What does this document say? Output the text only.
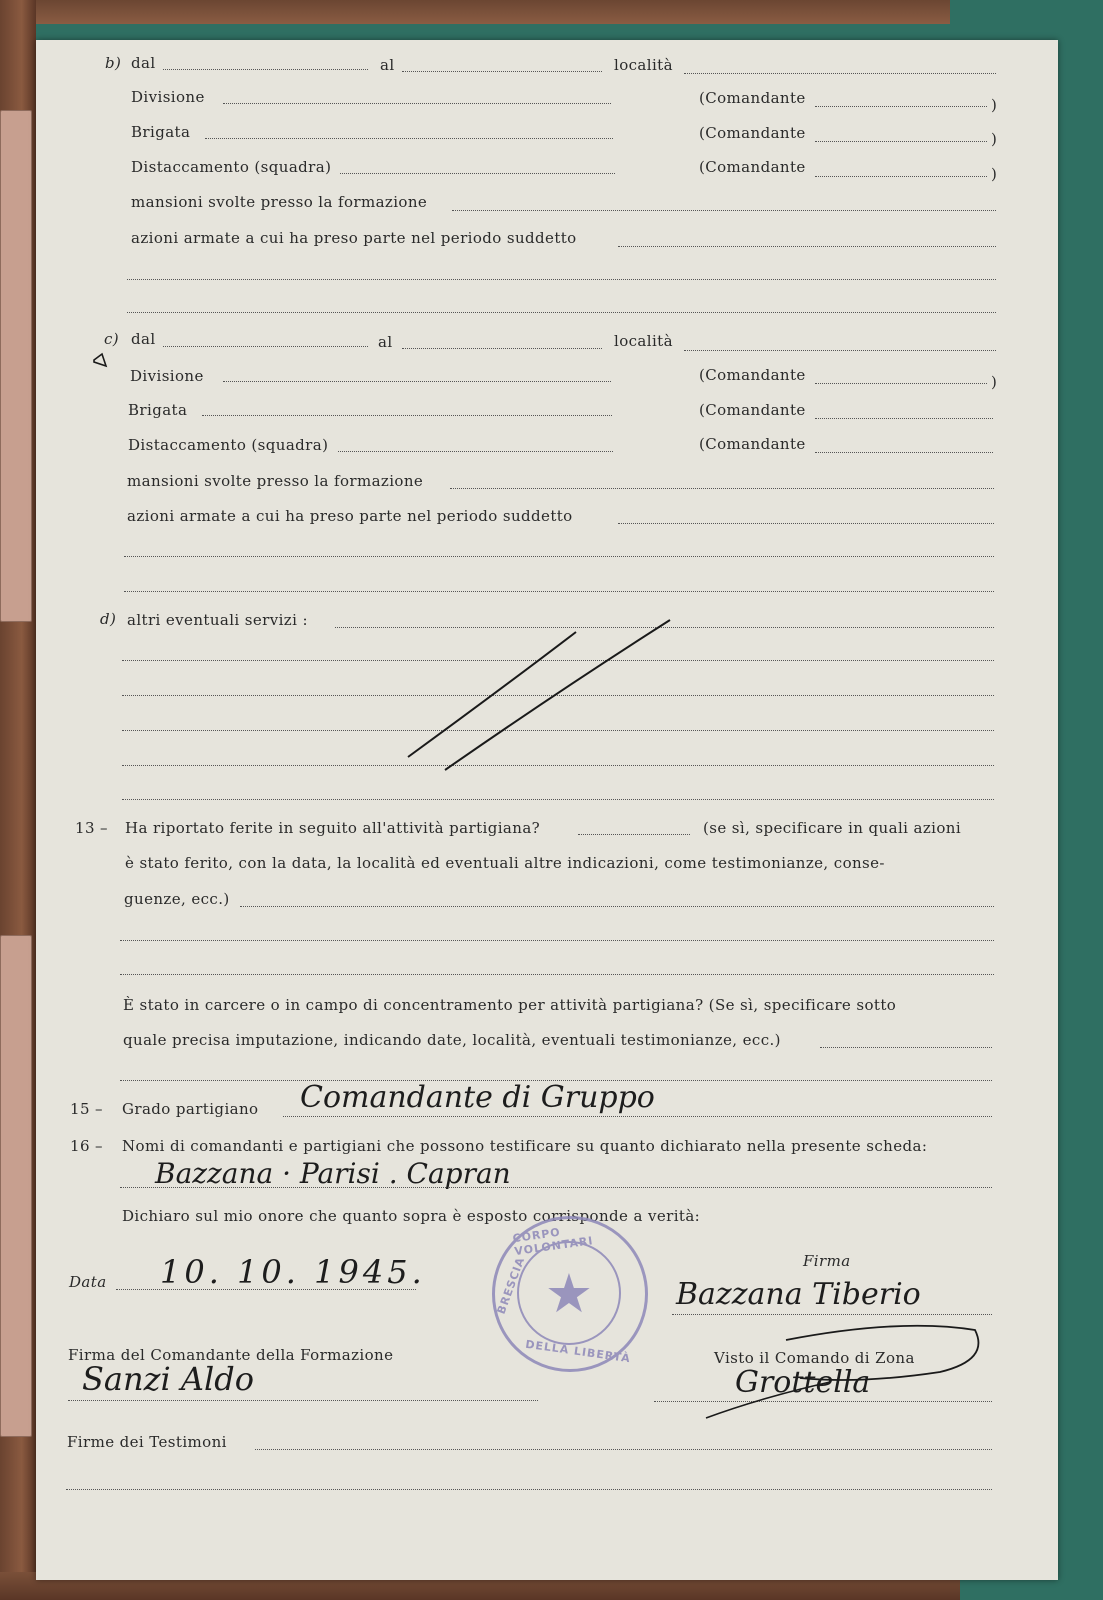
b) dal	al	località
Divisione	(Comandante	)
Brigata	(Comandante	)
Distaccamento (squadra)	(Comandante	)
mansioni svolte presso la formazione
azioni armate a cui ha preso parte nel periodo suddetto
c) dal	al	località
Divisione	(Comandante	)
Brigata	(Comandante
Distaccamento (squadra)	(Comandante
mansioni svolte presso la formazione
azioni armate a cui ha preso parte nel periodo suddetto
d) altri eventuali servizi :
13 – Ha riportato ferite in seguito all'attività partigiana?	(se sì, specificare in quali azioni
è stato ferito, con la data, la località ed eventuali altre indicazioni, come testimonianze, conse-
guenze, ecc.)
È stato in carcere o in campo di concentramento per attività partigiana? (Se sì, specificare sotto
quale precisa imputazione, indicando date, località, eventuali testimonianze, ecc.)
15 – Grado partigiano Comandante di Gruppo
16 – Nomi di comandanti e partigiani che possono testificare su quanto dichiarato nella presente scheda:
Bazzana · Parisi . Capran
Dichiaro sul mio onore che quanto sopra è esposto corrisponde a verità:
Data 10. 10. 1945.	Firma
Bazzana Tiberio
★
CORPO VOLONTARI
DELLA LIBERTÀ
BRESCIA
Firma del Comandante della Formazione
Sanzi Aldo
Visto il Comando di Zona
Grottella
Firme dei Testimoni
